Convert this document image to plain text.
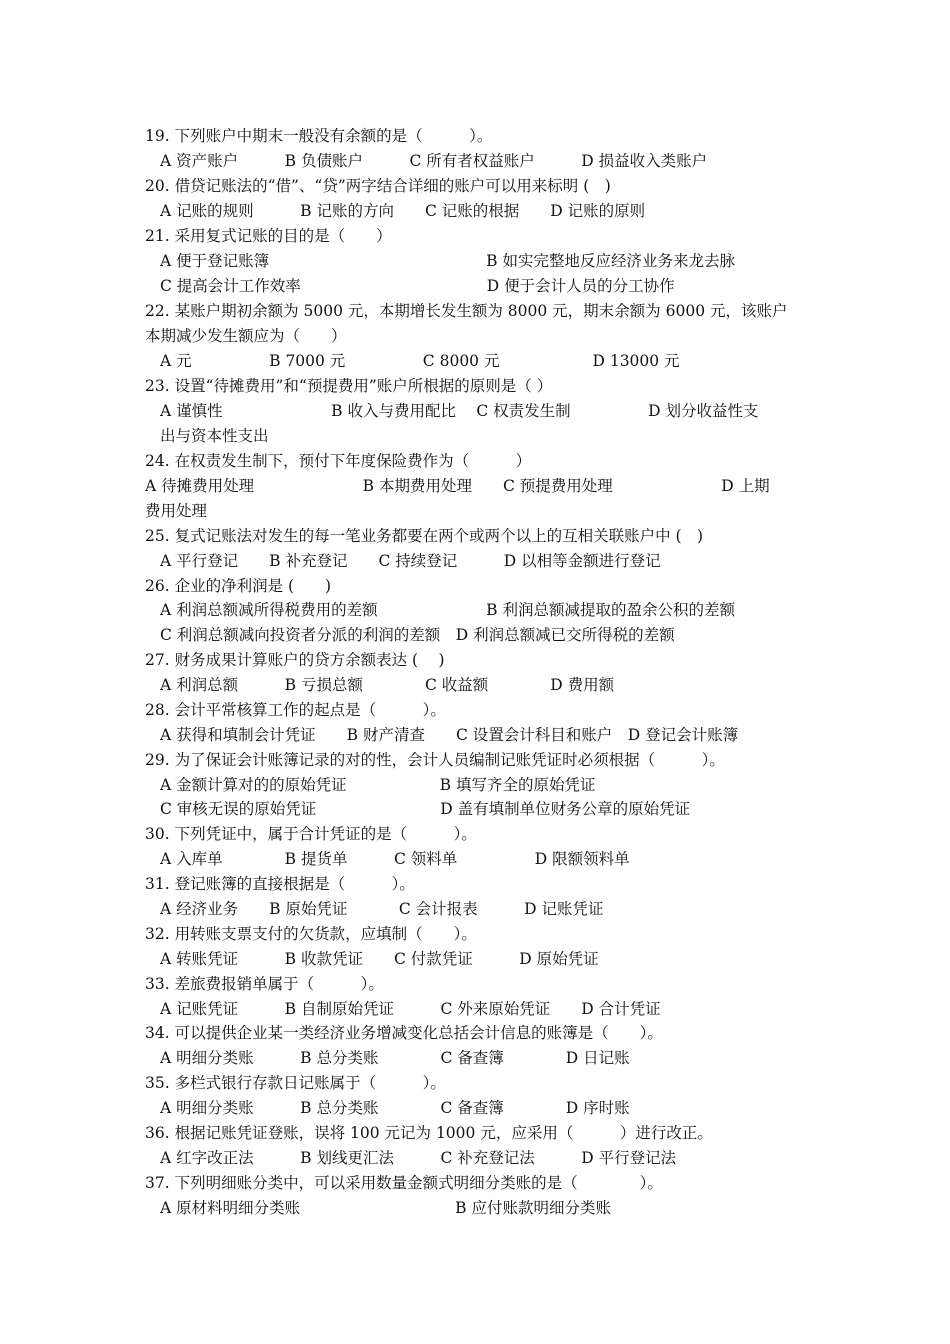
19. 下列账户中期末一般没有余额的是（　　　）。
A 资产账户　　　B 负债账户　　　C 所有者权益账户　　　D 损益收入类账户
20. 借贷记账法的“借”、“贷”两字结合详细的账户可以用来标明 (　)
A 记账的规则　　　B 记账的方向　　C 记账的根据　　D 记账的原则
21. 采用复式记账的目的是（　　）
A 便于登记账簿　　　　　　　　　　　　　　B 如实完整地反应经济业务来龙去脉
C 提高会计工作效率　　　　　　　　　　　　D 便于会计人员的分工协作
22. 某账户期初余额为 5000 元，本期增长发生额为 8000 元，期末余额为 6000 元，该账户
本期减少发生额应为（　　）
A 元　　　　　B 7000 元　　　　　C 8000 元　　　　　　D 13000 元
23. 设置“待摊费用”和“预提费用”账户所根据的原则是（ ）
A 谨慎性　　　　　　　B 收入与费用配比　 C 权责发生制　　　　　D 划分收益性支
出与资本性支出
24. 在权责发生制下，预付下年度保险费作为（　　　）
A 待摊费用处理　　　　　　　B 本期费用处理　　C 预提费用处理　　　　　　　D 上期
费用处理
25. 复式记账法对发生的每一笔业务都要在两个或两个以上的互相关联账户中 (　)
A 平行登记　　B 补充登记　　C 持续登记　　　D 以相等金额进行登记
26. 企业的净利润是 (　　)
A 利润总额减所得税费用的差额　　　　　　　B 利润总额减提取的盈余公积的差额
C 利润总额减向投资者分派的利润的差额　D 利润总额减已交所得税的差额
27. 财务成果计算账户的贷方余额表达 (　 )
A 利润总额　　　B 亏损总额　　　　C 收益额　　　　D 费用额
28. 会计平常核算工作的起点是（　　　）。
A 获得和填制会计凭证　　B 财产清查　　C 设置会计科目和账户　D 登记会计账簿
29. 为了保证会计账簿记录的对的性，会计人员编制记账凭证时必须根据（　　　）。
A 金额计算对的的原始凭证　　　　　　B 填写齐全的原始凭证
C 审核无误的原始凭证　　　　　　　　D 盖有填制单位财务公章的原始凭证
30. 下列凭证中，属于合计凭证的是（　　　）。
A 入库单　　　　B 提货单　　　C 领料单　　　　　D 限额领料单
31. 登记账簿的直接根据是（　　　）。
A 经济业务　　B 原始凭证　　　 C 会计报表　　　D 记账凭证
32. 用转账支票支付的欠货款，应填制（　　）。
A 转账凭证　　　B 收款凭证　　C 付款凭证　　　D 原始凭证
33. 差旅费报销单属于（　　　）。
A 记账凭证　　　B 自制原始凭证　　　C 外来原始凭证　　D 合计凭证
34. 可以提供企业某一类经济业务增减变化总括会计信息的账簿是（　　）。
A 明细分类账　　　B 总分类账　　　　C 备查簿　　　　D 日记账
35. 多栏式银行存款日记账属于（　　　）。
A 明细分类账　　　B 总分类账　　　　C 备查簿　　　　D 序时账
36. 根据记账凭证登账，误将 100 元记为 1000 元，应采用（　　　）进行改正。
A 红字改正法　　　B 划线更汇法　　　C 补充登记法　　　D 平行登记法
37. 下列明细账分类中，可以采用数量金额式明细分类账的是（　　　　）。
A 原材料明细分类账　　　　　　　　　　B 应付账款明细分类账
